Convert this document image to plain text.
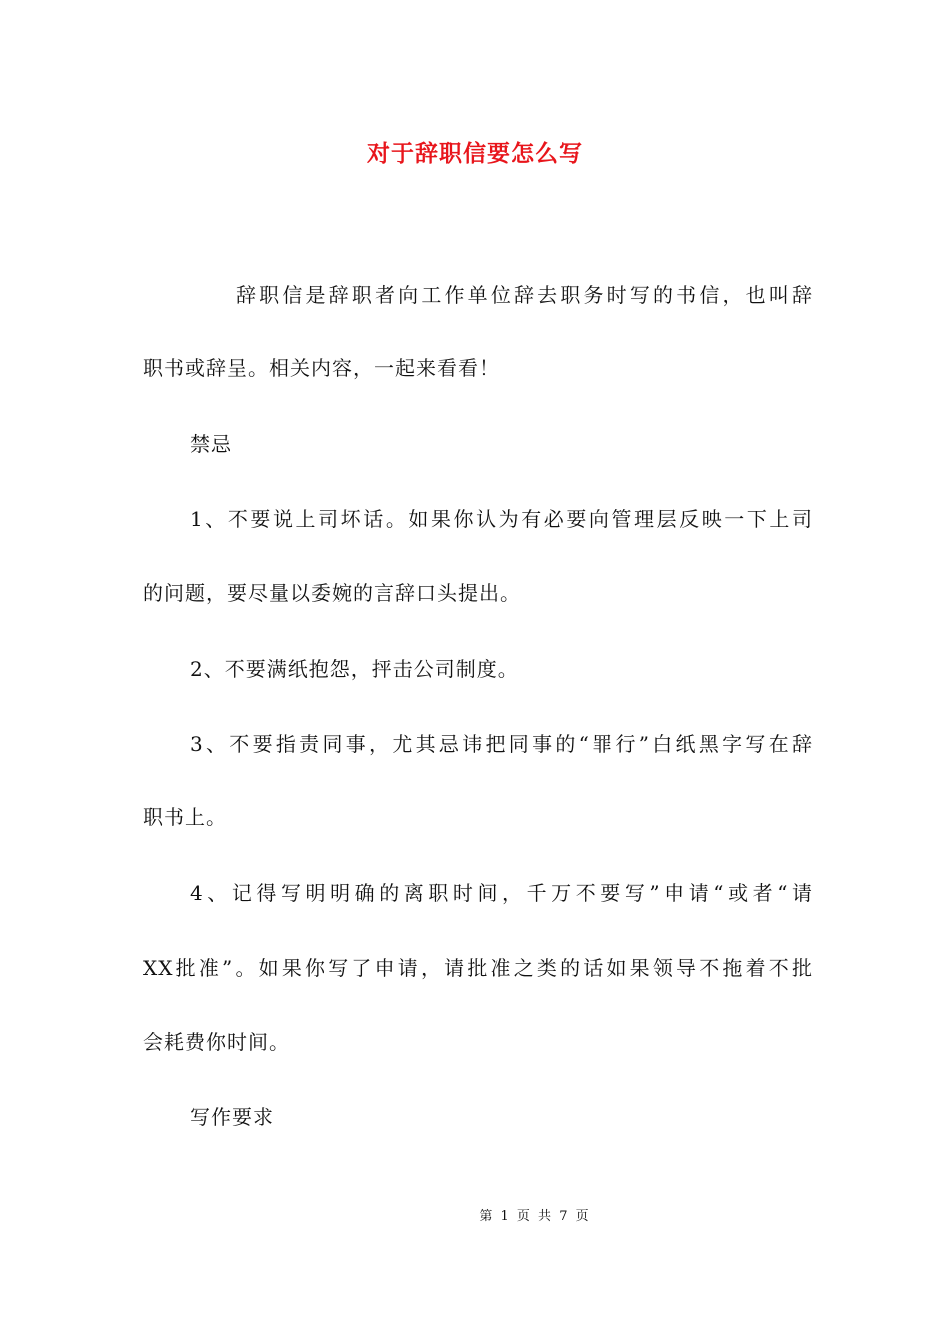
对于辞职信要怎么写
辞职信是辞职者向工作单位辞去职务时写的书信，也叫辞
职书或辞呈。相关内容，一起来看看！
禁忌
1、不要说上司坏话。如果你认为有必要向管理层反映一下上司
的问题，要尽量以委婉的言辞口头提出。
2、不要满纸抱怨，抨击公司制度。
3、不要指责同事，尤其忌讳把同事的“罪行”白纸黑字写在辞
职书上。
4、记得写明明确的离职时间，千万不要写”申请“或者“请
XX批准”。如果你写了申请，请批准之类的话如果领导不拖着不批
会耗费你时间。
写作要求
第 1 页 共 7 页
